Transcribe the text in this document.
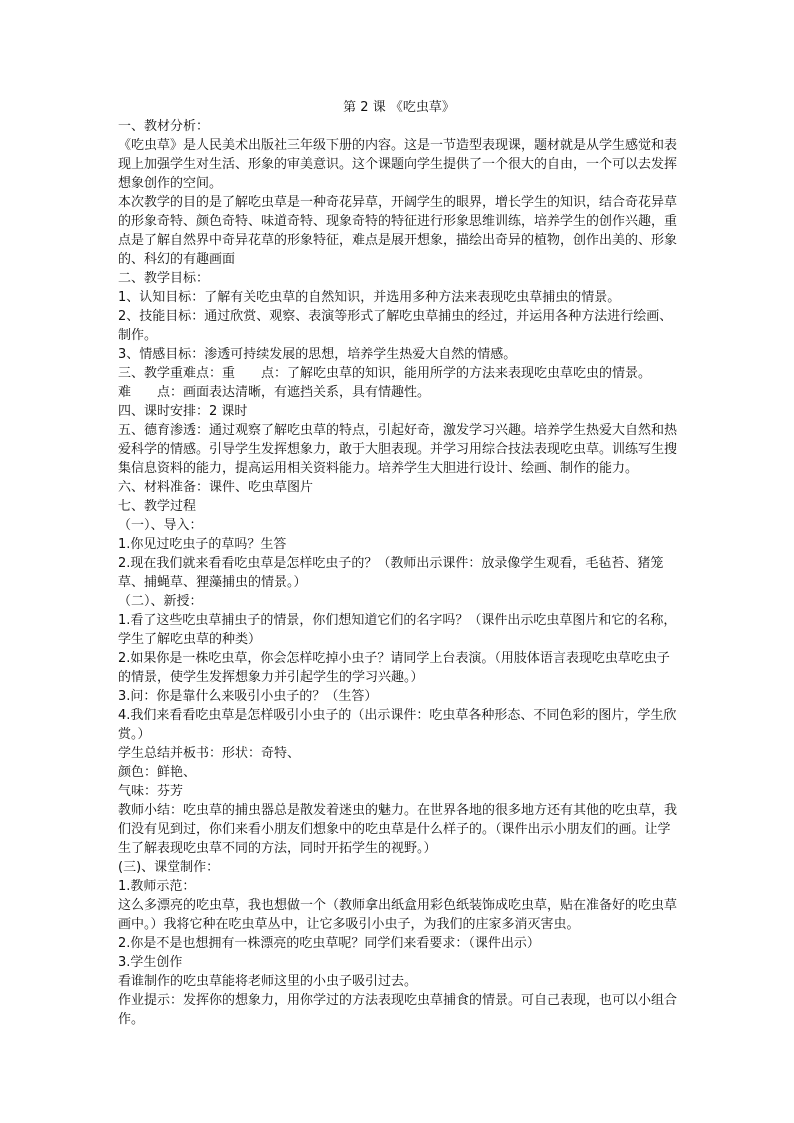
第 2 课 《吃虫草》

一、教材分析：

《吃虫草》是人民美术出版社三年级下册的内容。这是一节造型表现课，题材就是从学生感觉和表现上加强学生对生活、形象的审美意识。这个课题向学生提供了一个很大的自由，一个可以去发挥想象创作的空间。

本次教学的目的是了解吃虫草是一种奇花异草，开阔学生的眼界，增长学生的知识，结合奇花异草的形象奇特、颜色奇特、味道奇特、现象奇特的特征进行形象思维训练，培养学生的创作兴趣，重点是了解自然界中奇异花草的形象特征，难点是展开想象，描绘出奇异的植物，创作出美的、形象的、科幻的有趣画面

二、教学目标：

1、认知目标：了解有关吃虫草的自然知识，并选用多种方法来表现吃虫草捕虫的情景。

2、技能目标：通过欣赏、观察、表演等形式了解吃虫草捕虫的经过，并运用各种方法进行绘画、制作。

3、情感目标：渗透可持续发展的思想，培养学生热爱大自然的情感。

三、教学重难点：重　　点：了解吃虫草的知识，能用所学的方法来表现吃虫草吃虫的情景。

难　　点：画面表达清晰，有遮挡关系，具有情趣性。

四、课时安排：2 课时

五、德育渗透：通过观察了解吃虫草的特点，引起好奇，激发学习兴趣。培养学生热爱大自然和热爱科学的情感。引导学生发挥想象力，敢于大胆表现。并学习用综合技法表现吃虫草。训练写生搜集信息资料的能力，提高运用相关资料能力。培养学生大胆进行设计、绘画、制作的能力。

六、材料准备：课件、吃虫草图片

七、教学过程

（一）、导入：

1.你见过吃虫子的草吗？生答

2.现在我们就来看看吃虫草是怎样吃虫子的？（教师出示课件：放录像学生观看，毛毡苔、猪笼草、捕蝇草、狸藻捕虫的情景。）

（二）、新授：

1.看了这些吃虫草捕虫子的情景，你们想知道它们的名字吗？（课件出示吃虫草图片和它的名称，学生了解吃虫草的种类）

2.如果你是一株吃虫草，你会怎样吃掉小虫子？请同学上台表演。（用肢体语言表现吃虫草吃虫子的情景，使学生发挥想象力并引起学生的学习兴趣。）

3.问：你是靠什么来吸引小虫子的？（生答）

4.我们来看看吃虫草是怎样吸引小虫子的（出示课件：吃虫草各种形态、不同色彩的图片，学生欣赏。）

学生总结并板书：形状：奇特、

颜色：鲜艳、

气味：芬芳

教师小结：吃虫草的捕虫器总是散发着迷虫的魅力。在世界各地的很多地方还有其他的吃虫草，我们没有见到过，你们来看小朋友们想象中的吃虫草是什么样子的。（课件出示小朋友们的画。让学生了解表现吃虫草不同的方法，同时开拓学生的视野。）

(三)、课堂制作：

1.教师示范：

这么多漂亮的吃虫草，我也想做一个（教师拿出纸盒用彩色纸装饰成吃虫草，贴在准备好的吃虫草画中。）我将它种在吃虫草丛中，让它多吸引小虫子，为我们的庄家多消灭害虫。

2.你是不是也想拥有一株漂亮的吃虫草呢？同学们来看要求：（课件出示）

3.学生创作

看谁制作的吃虫草能将老师这里的小虫子吸引过去。

作业提示：发挥你的想象力，用你学过的方法表现吃虫草捕食的情景。可自己表现，也可以小组合作。
